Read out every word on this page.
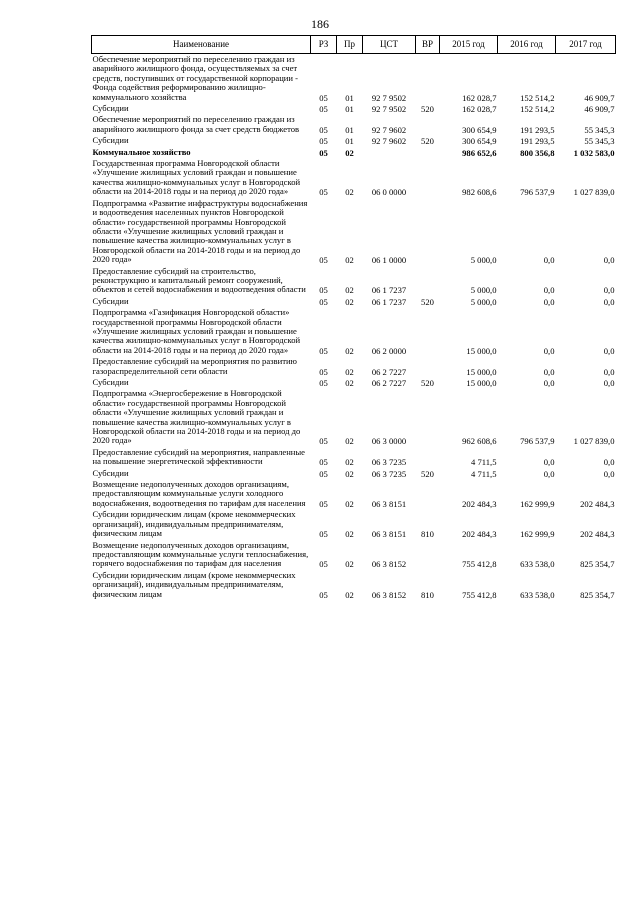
186
Наименование	РЗ	Пр	ЦСТ	ВР	2015 год	2016 год	2017 год
Обеспечение мероприятий по переселению граждан из аварийного жилищного фонда, осуществляемых за счет средств, поступивших от государственной корпорации - Фонда содействия реформированию жилищно-коммунального хозяйства	05	01	92 7 9502		162 028,7	152 514,2	46 909,7
Субсидии	05	01	92 7 9502	520	162 028,7	152 514,2	46 909,7
Обеспечение мероприятий по переселению граждан из аварийного жилищного фонда за счет средств бюджетов	05	01	92 7 9602		300 654,9	191 293,5	55 345,3
Субсидии	05	01	92 7 9602	520	300 654,9	191 293,5	55 345,3
Коммунальное хозяйство	05	02			986 652,6	800 356,8	1 032 583,0
Государственная программа Новгородской области «Улучшение жилищных условий граждан и повышение качества жилищно-коммунальных услуг в Новгородской области на 2014-2018 годы и на период до 2020 года»	05	02	06 0 0000		982 608,6	796 537,9	1 027 839,0
Подпрограмма «Развитие инфраструктуры водоснабжения и водоотведения населенных пунктов Новгородской области» государственной программы Новгородской области «Улучшение жилищных условий граждан и повышение качества жилищно-коммунальных услуг в Новгородской области на 2014-2018 годы и на период до 2020 года»	05	02	06 1 0000		5 000,0	0,0	0,0
Предоставление субсидий на строительство, реконструкцию и капитальный ремонт сооружений, объектов и сетей водоснабжения и водоотведения области	05	02	06 1 7237		5 000,0	0,0	0,0
Субсидии	05	02	06 1 7237	520	5 000,0	0,0	0,0
Подпрограмма «Газификация Новгородской области» государственной программы Новгородской области «Улучшение жилищных условий граждан и повышение качества жилищно-коммунальных услуг в Новгородской области на 2014-2018 годы и на период до 2020 года»	05	02	06 2 0000		15 000,0	0,0	0,0
Предоставление субсидий на мероприятия по развитию газораспределительной сети области	05	02	06 2 7227		15 000,0	0,0	0,0
Субсидии	05	02	06 2 7227	520	15 000,0	0,0	0,0
Подпрограмма «Энергосбережение в Новгородской области» государственной программы Новгородской области «Улучшение жилищных условий граждан и повышение качества жилищно-коммунальных услуг в Новгородской области на 2014-2018 годы и на период до 2020 года»	05	02	06 3 0000		962 608,6	796 537,9	1 027 839,0
Предоставление субсидий на мероприятия, направленные на повышение энергетической эффективности	05	02	06 3 7235		4 711,5	0,0	0,0
Субсидии	05	02	06 3 7235	520	4 711,5	0,0	0,0
Возмещение недополученных доходов организациям, предоставляющим коммунальные услуги холодного водоснабжения, водоотведения по тарифам для населения	05	02	06 3 8151		202 484,3	162 999,9	202 484,3
Субсидии юридическим лицам (кроме некоммерческих организаций), индивидуальным предпринимателям, физическим лицам	05	02	06 3 8151	810	202 484,3	162 999,9	202 484,3
Возмещение недополученных доходов организациям, предоставляющим коммунальные услуги теплоснабжения, горячего водоснабжения по тарифам для населения	05	02	06 3 8152		755 412,8	633 538,0	825 354,7
Субсидии юридическим лицам (кроме некоммерческих организаций), индивидуальным предпринимателям, физическим лицам	05	02	06 3 8152	810	755 412,8	633 538,0	825 354,7
